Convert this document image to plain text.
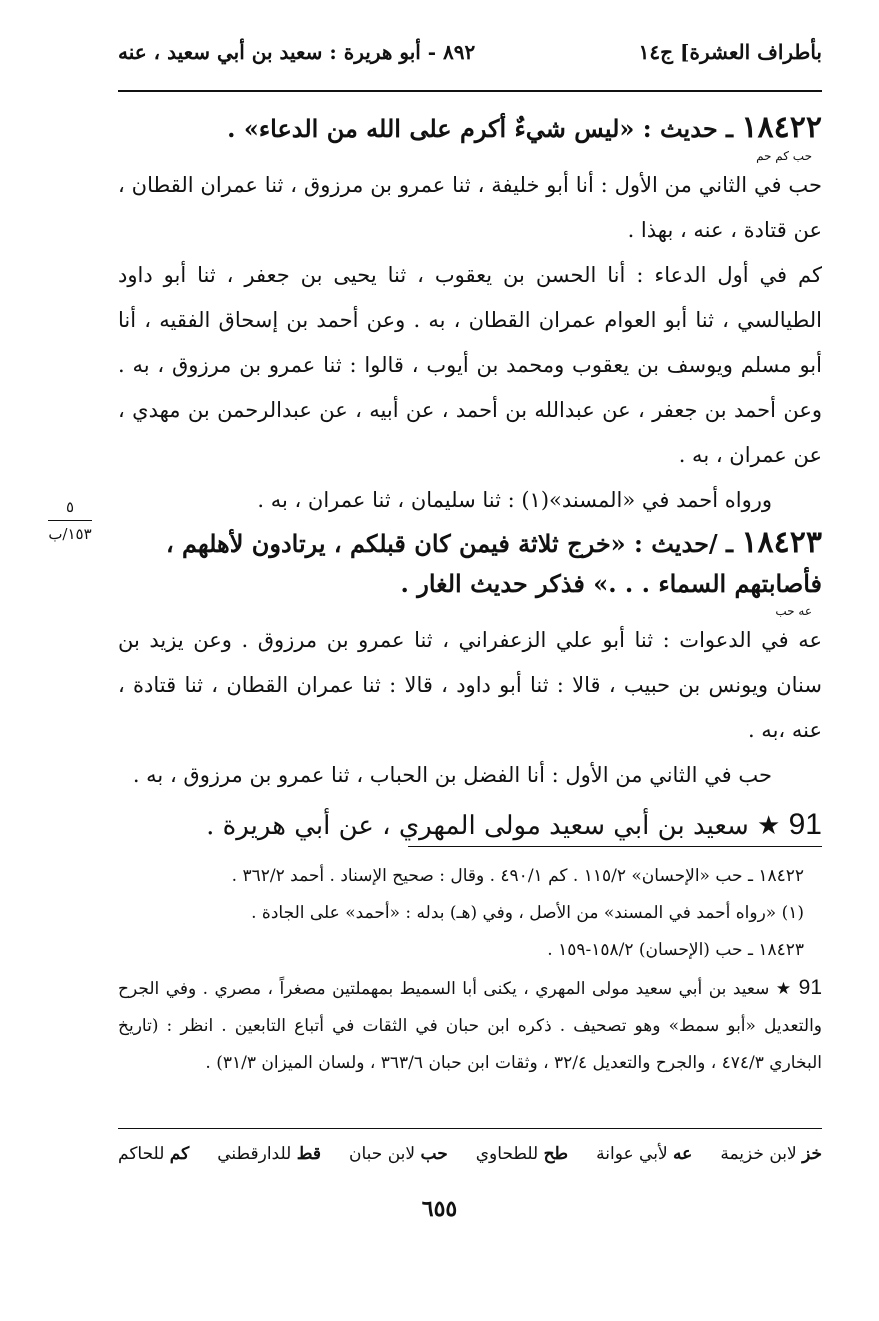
بأطراف العشرة] ج١٤
٨٩٢ - أبو هريرة : سعيد بن أبي سعيد ، عنه

١٨٤٢٢ ـ حديث : «ليس شيءٌ أكرم على الله من الدعاء» .

حب كم حم

حب في الثاني من الأول : أنا أبو خليفة ، ثنا عمرو بن مرزوق ، ثنا عمران القطان ، عن قتادة ، عنه ، بهذا .

كم في أول الدعاء : أنا الحسن بن يعقوب ، ثنا يحيى بن جعفر ، ثنا أبو داود الطيالسي ، ثنا أبو العوام عمران القطان ، به . وعن أحمد بن إسحاق الفقيه ، أنا أبو مسلم ويوسف بن يعقوب ومحمد بن أيوب ، قالوا : ثنا عمرو بن مرزوق ، به . وعن أحمد بن جعفر ، عن عبدالله بن أحمد ، عن أبيه ، عن عبدالرحمن بن مهدي ، عن عمران ، به .

ورواه أحمد في «المسند»(١) : ثنا سليمان ، ثنا عمران ، به .

١٨٤٢٣ ـ /حديث : «خرج ثلاثة فيمن كان قبلكم ، يرتادون لأهلهم ، فأصابتهم السماء . . .» فذكر حديث الغار .

عه حب

عه في الدعوات : ثنا أبو علي الزعفراني ، ثنا عمرو بن مرزوق . وعن يزيد بن سنان ويونس بن حبيب ، قالا : ثنا أبو داود ، قالا : ثنا عمران القطان ، ثنا قتادة ، عنه ،به .

حب في الثاني من الأول : أنا الفضل بن الحباب ، ثنا عمرو بن مرزوق ، به .

91 ★ سعيد بن أبي سعيد مولى المهري ، عن أبي هريرة .

٥
١٥٣/ب

١٨٤٢٢ ـ حب «الإحسان» ١١٥/٢ . كم ٤٩٠/١ . وقال : صحيح الإسناد . أحمد ٣٦٢/٢ .

(١) «رواه أحمد في المسند» من الأصل ، وفي (هـ) بدله : «أحمد» على الجادة .

١٨٤٢٣ ـ حب (الإحسان) ١٥٨/٢-١٥٩ .

91 ★ سعيد بن أبي سعيد مولى المهري ، يكنى أبا السميط بمهملتين مصغراً ، مصري . وفي الجرح والتعديل «أبو سمط» وهو تصحيف . ذكره ابن حبان في الثقات في أتباع التابعين . انظر : (تاريخ البخاري ٤٧٤/٣ ، والجرح والتعديل ٣٢/٤ ، وثقات ابن حبان ٣٦٣/٦ ، ولسان الميزان ٣١/٣) .

خز لابن خزيمة
عه لأبي عوانة
طح للطحاوي
حب لابن حبان
قط للدارقطني
كم للحاكم
٦٥٥
